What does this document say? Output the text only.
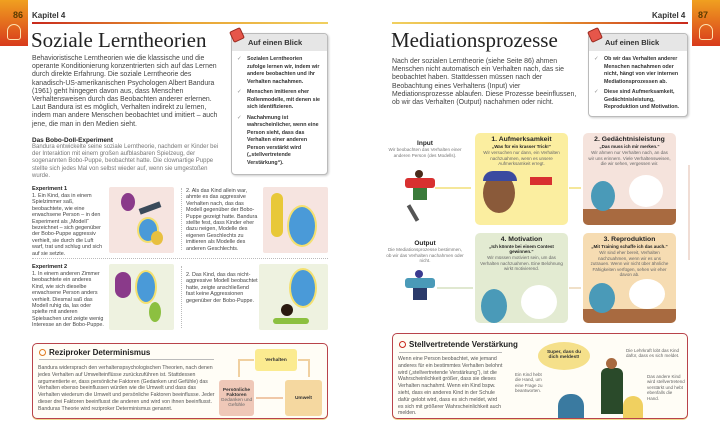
86 Kapitel 4
Soziale Lerntheorien
Behavioristische Lerntheorien wie die klassische und die operante Konditionierung konzentrierten sich auf das Lernen durch direkte Erfahrung. Die soziale Lerntheorie des kanadisch-US-amerikanischen Psychologen Albert Bandura (1961) geht hingegen davon aus, dass Menschen Verhaltensweisen durch das Beobachten anderer erlernen. Laut Bandura ist es möglich, Verhalten indirekt zu lernen, indem man andere Menschen beobachtet und imitiert – auch jene, die man in den Medien sieht.
Auf einen Blick
✓ Sozialen Lerntheorien zufolge lernen wir, indem wir andere beobachten und ihr Verhalten nachahmen.
✓ Menschen imitieren eher Rollenmodelle, mit denen sie sich identifizieren.
✓ Nachahmung ist wahrscheinlicher, wenn eine Person sieht, dass das Verhalten einer anderen Person verstärkt wird („stellvertretende Verstärkung“).
Das Bobo-Doll-Experiment
Bandura entwickelte seine soziale Lerntheorie, nachdem er Kinder bei der Interaktion mit einem großen aufblasbaren Spielzeug, der sogenannten Bobo-Puppe, beobachtet hatte. Die clownartige Puppe stellte sich jedes Mal von selbst wieder auf, wenn sie umgestoßen wurde.
Experiment 1
1. Ein Kind, das in einem Spielzimmer saß, beobachtete, wie eine erwachsene Person – in den Experiment als „Modell“ bezeichnet – sich gegenüber der Bobo-Puppe aggressiv verhielt, sie durch die Luft warf, trat und schlug und sich auf sie setzte.
2. Als das Kind allein war, ahmte es das aggressive Verhalten nach, das das Modell gegenüber der Bobo-Puppe gezeigt hatte. Bandura stellte fest, dass Kinder eher dazu neigen, Modelle des eigenen Geschlechts zu imitieren als Modelle des anderen Geschlechts.
Experiment 2
1. In einem anderen Zimmer beobachtete ein anderes Kind, wie sich dieselbe erwachsene Person anders verhielt. Diesmal saß das Modell ruhig da, las oder spielte mit anderen Spielsachen und zeigte wenig Interesse an der Bobo-Puppe.
2. Das Kind, das das nicht-aggressive Modell beobachtet hatte, zeigte anschließend fast keine Aggressionen gegenüber der Bobo-Puppe.
Reziproker Determinismus
Bandura widersprach den verhaltenspsychologischen Theorien, nach denen jedes Verhalten auf Umwelteinflüsse zurückzuführen ist. Stattdessen argumentierte er, dass persönliche Faktoren (Gedanken und Gefühle) das Verhalten ebenso beeinflussen würden wie die Umwelt und dass das Verhalten wiederum die Umwelt und persönliche Faktoren beeinflusse. Jeder dieser drei Faktoren beeinflusst die anderen und wird von ihnen beeinflusst. Banduras Theorie wird reziproker Determinismus genannt.
Verhalten
Persönliche Faktoren
Gedanken und Gefühle
Umwelt
87
Kapitel 4
Mediationsprozesse
Nach der sozialen Lerntheorie (siehe Seite 86) ahmen Menschen nicht automatisch ein Verhalten nach, das sie beobachtet haben. Stattdessen müssen nach der Beobachtung eines Verhaltens (Input) vier Mediationsprozesse ablaufen. Diese Prozesse beeinflussen, ob wir das Verhalten (Output) nachahmen oder nicht.
Auf einen Blick
✓ Ob wir das Verhalten anderer Menschen nachahmen oder nicht, hängt von vier internen Mediationsprozessen ab.
✓ Diese sind Aufmerksamkeit, Gedächtnisleistung, Reproduktion und Motivation.
Input

Wir beobachten das Verhalten einer anderen Person (des Modells).

1. Aufmerksamkeit
„Was für ein krasser Trick!“
Wir versuchen nur dann, ein Verhalten nachzuahmen, wenn es unsere Aufmerksamkeit erregt.
2. Gedächtnisleistung
„Das muss ich mir merken.“
Wir ahmen nur Verhalten nach, an das wir uns erinnern. Viele Verhaltensweisen, die wir sehen, vergessen wir.
Output

Die Mediationsprozesse bestimmen, ob wir das Verhalten nachahmen oder nicht.

4. Motivation
„Ich könnte bei einem Contest gewinnen.“
Wir müssen motiviert sein, um das Verhalten nachzuahmen. Eine Belohnung wirkt motivierend.
3. Reproduktion
„Mit Training schaffe ich das auch.“
Wir sind eher bereit, Verhalten nachzuahmen, wenn wir es uns zutrauen. Wenn wir nicht über ähnliche Fähigkeiten verfügen, sehen wir eher davon ab.
Stellvertretende Verstärkung
Wenn eine Person beobachtet, wie jemand anderes für ein bestimmtes Verhalten belohnt wird („stellvertretende Verstärkung“), ist die Wahrscheinlichkeit größer, dass sie dieses Verhalten nachahmt. Wenn ein Kind bspw. sieht, dass ein anderes Kind in der Schule dafür gelobt wird, dass es sich meldet, wird es sich mit größerer Wahrscheinlichkeit auch melden.
Super, dass du dich meldest!
Die Lehrkraft lobt das Kind dafür, dass es sich meldet.
Ein Kind hebt die Hand, um eine Frage zu beantworten.
Das andere Kind wird stellvertretend verstärkt und hebt ebenfalls die Hand.
